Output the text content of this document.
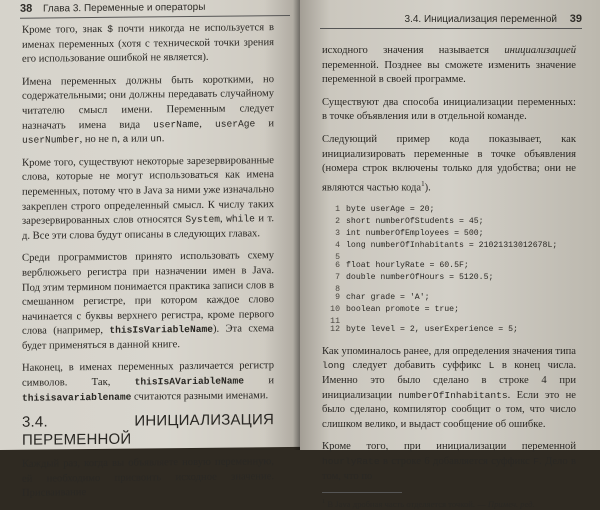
38 Глава 3. Переменные и операторы

Кроме того, знак $ почти никогда не используется в именах переменных (хотя с технической точки зрения его использование ошибкой не является).

Имена переменных должны быть короткими, но содержательными; они должны передавать случайному читателю смысл имени. Переменным следует назначать имена вида userName, userAge и userNumber, но не n, a или un.

Кроме того, существуют некоторые зарезервированные слова, которые не могут использоваться как имена переменных, потому что в Java за ними уже изначально закреплен строго определенный смысл. К числу таких зарезервированных слов относятся System, while и т. д. Все эти слова будут описаны в следующих главах.

Среди программистов принято использовать схему верблюжьего регистра при назначении имен в Java. Под этим термином понимается практика записи слов в смешанном регистре, при котором каждое слово начинается с буквы верхнего регистра, кроме первого слова (например, thisIsVariableName). Эта схема будет применяться в данной книге.

Наконец, в именах переменных различается регистр символов. Так, thisIsAVariableName и thisisavariablename считаются разными именами.

3.4. ИНИЦИАЛИЗАЦИЯ ПЕРЕМЕННОЙ

Каждый раз, когда вы объявляете новую переменную, ей необходимо присвоить исходное значение. Присваивание

3.4. Инициализация переменной 39

исходного значения называется инициализацией переменной. Позднее вы сможете изменить значение переменной в своей программе.

Существуют два способа инициализации переменных: в точке объявления или в отдельной команде.

Следующий пример кода показывает, как инициализировать переменные в точке объявления (номера строк включены только для удобства; они не являются частью кода$^1$).

1 byte userAge = 20;
2 short numberOfStudents = 45;
3 int numberOfEmployees = 500;
4 long numberOfInhabitants = 21021313012678L;
5
6 float hourlyRate = 60.5F;
7 double numberOfHours = 5120.5;
8
9 char grade = 'A';
10 boolean promote = true;
11
12 byte level = 2, userExperience = 5;

Как упоминалось ранее, для определения значения типа long следует добавить суффикс L в конец числа. Именно это было сделано в строке 4 при инициализации numberOfInhabitants. Если это не было сделано, компилятор сообщит о том, что число слишком велико, и выдаст сообщение об ошибке.

Кроме того, при инициализации переменной hourlyRate в строке 6 добавляется суффикс F. Дело в том, что по

$^1$ В Java дробная часть отделяется точкой. — Примеч. ред.
